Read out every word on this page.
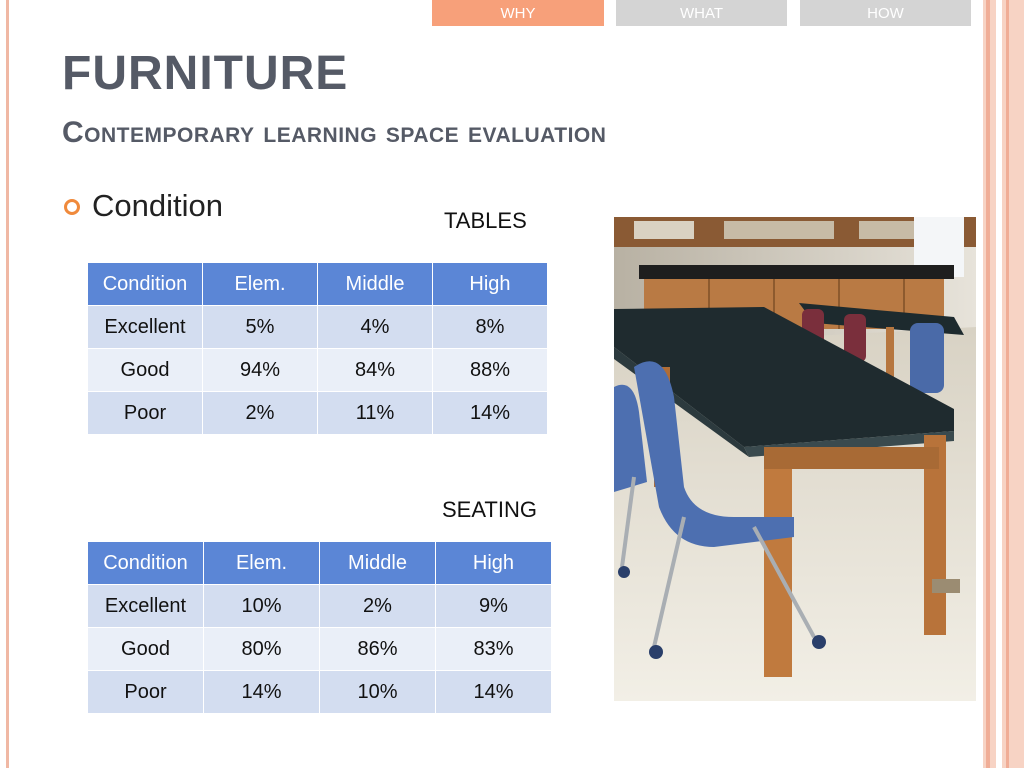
WHY	WHAT	HOW
FURNITURE
Contemporary learning space evaluation
Condition	TABLES
Condition	Elem.	Middle	High
Excellent	5%	4%	8%
Good	94%	84%	88%
Poor	2%	11%	14%
SEATING
Condition	Elem.	Middle	High
Excellent	10%	2%	9%
Good	80%	86%	83%
Poor	14%	10%	14%
